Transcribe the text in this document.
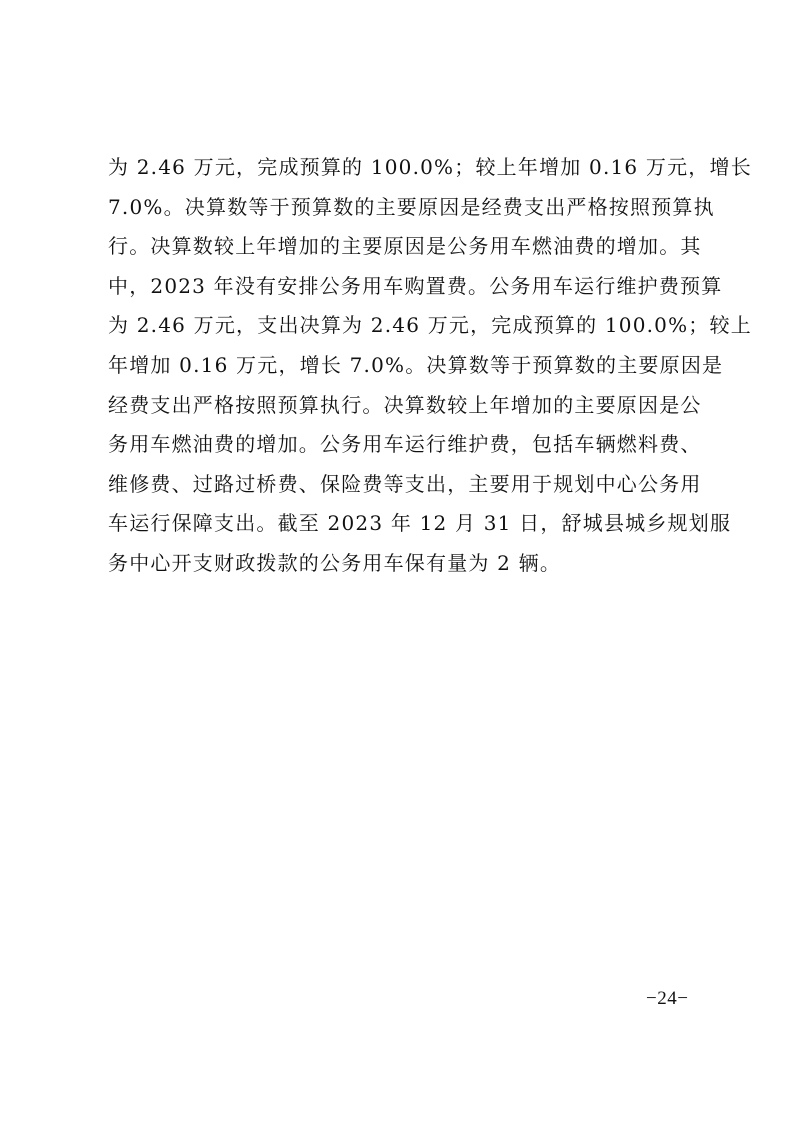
为 2.46 万元，完成预算的 100.0%；较上年增加 0.16 万元，增长
7.0%。决算数等于预算数的主要原因是经费支出严格按照预算执
行。决算数较上年增加的主要原因是公务用车燃油费的增加。其
中，2023 年没有安排公务用车购置费。公务用车运行维护费预算
为 2.46 万元，支出决算为 2.46 万元，完成预算的 100.0%；较上
年增加 0.16 万元，增长 7.0%。决算数等于预算数的主要原因是
经费支出严格按照预算执行。决算数较上年增加的主要原因是公
务用车燃油费的增加。公务用车运行维护费，包括车辆燃料费、
维修费、过路过桥费、保险费等支出，主要用于规划中心公务用
车运行保障支出。截至 2023 年 12 月 31 日，舒城县城乡规划服
务中心开支财政拨款的公务用车保有量为 2 辆。
−24−
